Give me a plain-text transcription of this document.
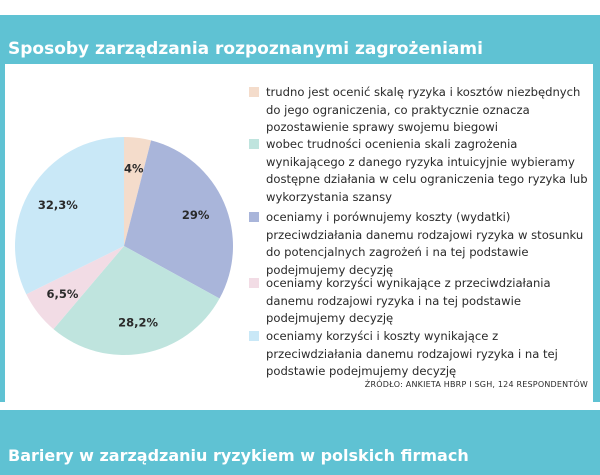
Sposoby zarządzania rozpoznanymi zagrożeniami
4%
29%
28,2%
6,5%
32,3%
trudno jest ocenić skalę ryzyka i kosztów niezbędnych do jego ograniczenia, co praktycznie oznacza pozostawienie sprawy swojemu biegowi
wobec trudności ocenienia skali zagrożenia wynikającego z danego ryzyka intuicyjnie wybieramy dostępne działania w celu ograniczenia tego ryzyka lub wykorzystania szansy
oceniamy i porównujemy koszty (wydatki) przeciwdziałania danemu rodzajowi ryzyka w stosunku do potencjalnych zagrożeń i na tej podstawie podejmujemy decyzję
oceniamy korzyści wynikające z przeciwdziałania danemu rodzajowi ryzyka i na tej podstawie podejmujemy decyzję
oceniamy korzyści i koszty wynikające z przeciwdziałania danemu rodzajowi ryzyka i na tej podstawie podejmujemy decyzję
ŹRÓDŁO: ANKIETA HBRP I SGH, 124 RESPONDENTÓW
Bariery w zarządzaniu ryzykiem w polskich firmach
